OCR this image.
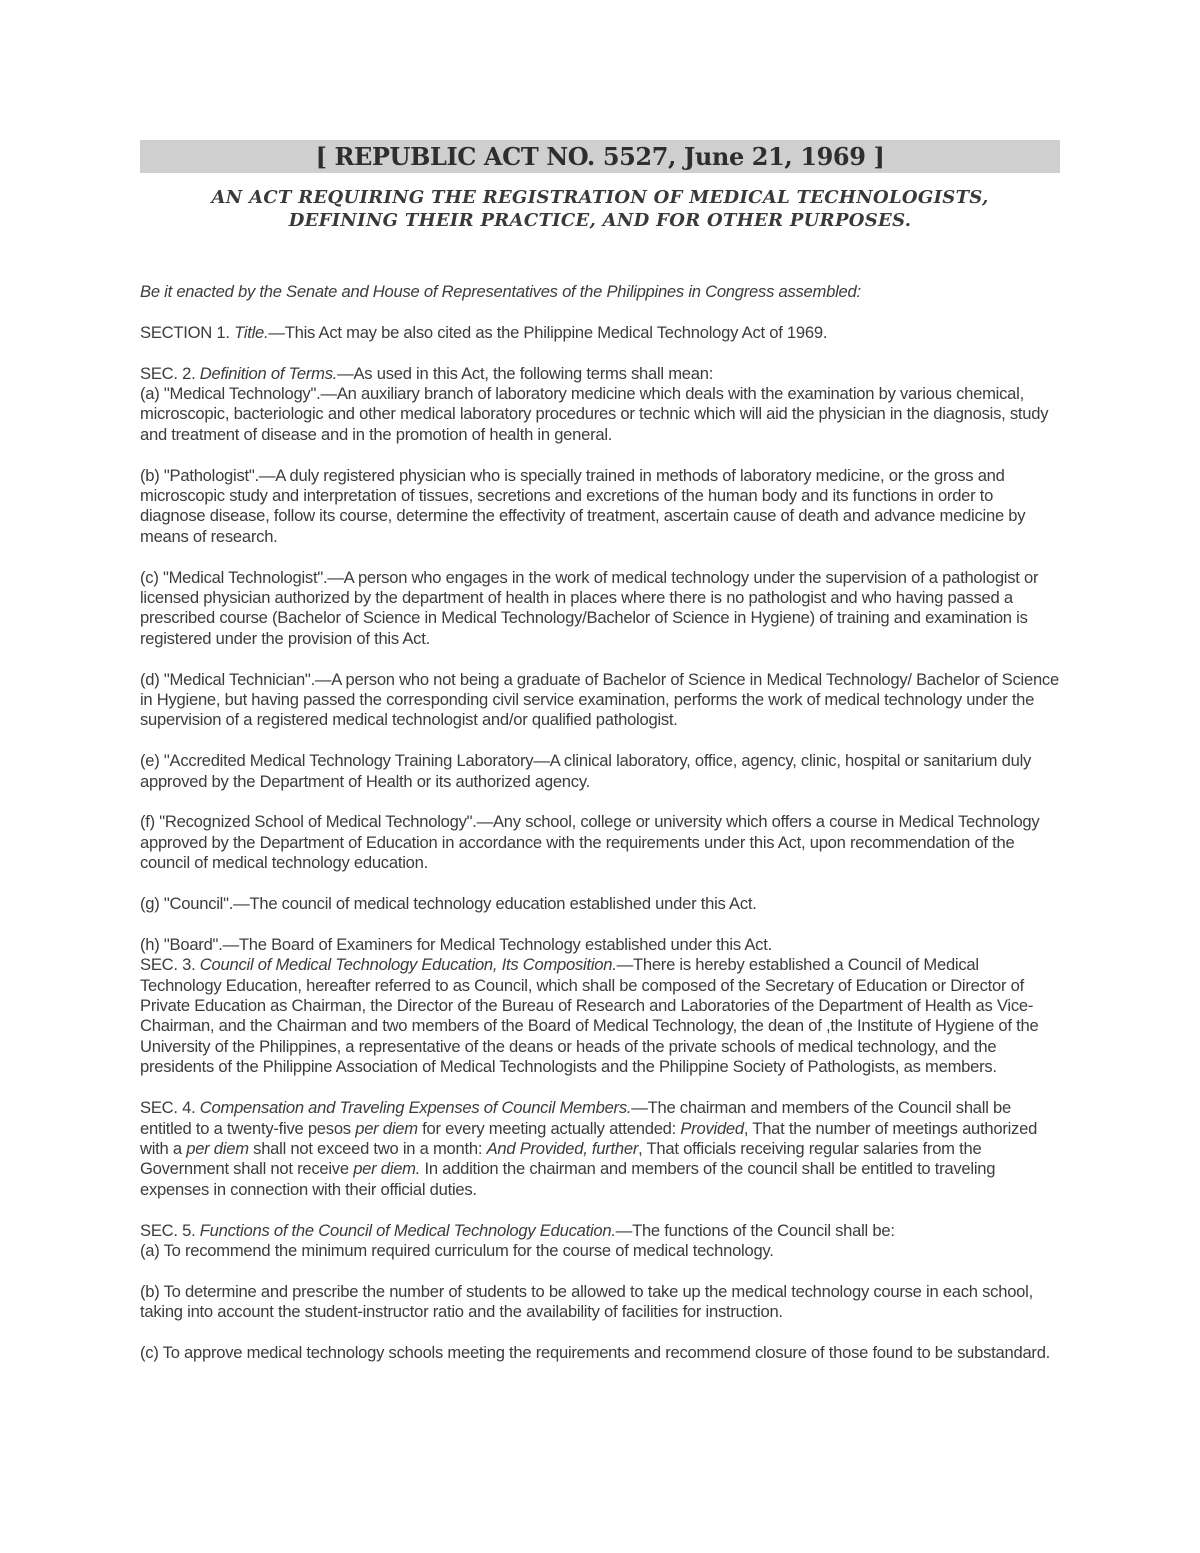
[ REPUBLIC ACT NO. 5527, June 21, 1969 ]
AN ACT REQUIRING THE REGISTRATION OF MEDICAL TECHNOLOGISTS,
DEFINING THEIR PRACTICE, AND FOR OTHER PURPOSES.

Be it enacted by the Senate and House of Representatives of the Philippines in Congress assembled:

SECTION 1. Title.—This Act may be also cited as the Philippine Medical Technology Act of 1969.

SEC. 2. Definition of Terms.—As used in this Act, the following terms shall mean:

(a) "Medical Technology".—An auxiliary branch of laboratory medicine which deals with the examination by various chemical, microscopic, bacteriologic and other medical laboratory procedures or technic which will aid the physician in the diagnosis, study and treatment of disease and in the promotion of health in general.

(b) "Pathologist".—A duly registered physician who is specially trained in methods of laboratory medicine, or the gross and microscopic study and interpretation of tissues, secretions and excretions of the human body and its functions in order to diagnose disease, follow its course, determine the effectivity of treatment, ascertain cause of death and advance medicine by means of research.

(c) "Medical Technologist".—A person who engages in the work of medical technology under the supervision of a pathologist or licensed physician authorized by the department of health in places where there is no pathologist and who having passed a prescribed course (Bachelor of Science in Medical Technology/Bachelor of Science in Hygiene) of training and examination is registered under the provision of this Act.

(d) "Medical Technician".—A person who not being a graduate of Bachelor of Science in Medical Technology/ Bachelor of Science in Hygiene, but having passed the corresponding civil service examination, performs the work of medical technology under the supervision of a registered medical technologist and/or qualified pathologist.

(e) "Accredited Medical Technology Training Laboratory—A clinical laboratory, office, agency, clinic, hospital or sanitarium duly approved by the Department of Health or its authorized agency.

(f) "Recognized School of Medical Technology".—Any school, college or university which offers a course in Medical Technology approved by the Department of Education in accordance with the requirements under this Act, upon recommendation of the council of medical technology education.

(g) "Council".—The council of medical technology education established under this Act.

(h) "Board".—The Board of Examiners for Medical Technology established under this Act.

SEC. 3. Council of Medical Technology Education, Its Composition.—There is hereby established a Council of Medical Technology Education, hereafter referred to as Council, which shall be composed of the Secretary of Education or Director of Private Education as Chairman, the Director of the Bureau of Research and Laboratories of the Department of Health as Vice-Chairman, and the Chairman and two members of the Board of Medical Technology, the dean of ,the Institute of Hygiene of the University of the Philippines, a representative of the deans or heads of the private schools of medical technology, and the presidents of the Philippine Association of Medical Technologists and the Philippine Society of Pathologists, as members.

SEC. 4. Compensation and Traveling Expenses of Council Members.—The chairman and members of the Council shall be entitled to a twenty-five pesos per diem for every meeting actually attended: Provided, That the number of meetings authorized with a per diem shall not exceed two in a month: And Provided, further, That officials receiving regular salaries from the Government shall not receive per diem. In addition the chairman and members of the council shall be entitled to traveling expenses in connection with their official duties.

SEC. 5. Functions of the Council of Medical Technology Education.—The functions of the Council shall be:

(a) To recommend the minimum required curriculum for the course of medical technology.

(b) To determine and prescribe the number of students to be allowed to take up the medical technology course in each school, taking into account the student-instructor ratio and the availability of facilities for instruction.

(c) To approve medical technology schools meeting the requirements and recommend closure of those found to be substandard.
